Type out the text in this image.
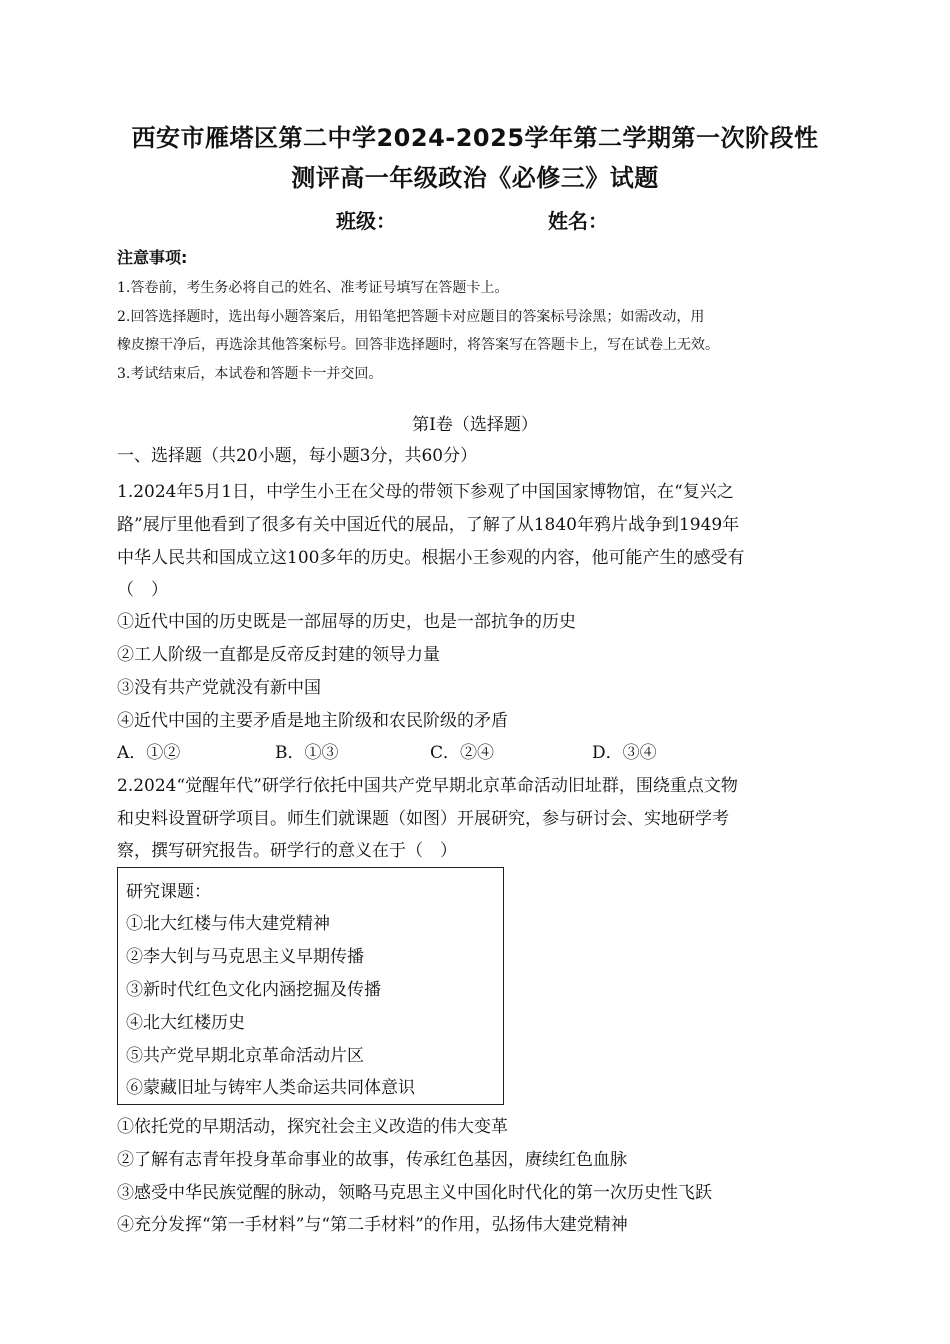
西安市雁塔区第二中学2024-2025学年第二学期第一次阶段性
测评高一年级政治《必修三》试题
班级：	姓名：
注意事项:
1.答卷前，考生务必将自己的姓名、准考证号填写在答题卡上。
2.回答选择题时，选出每小题答案后，用铅笔把答题卡对应题目的答案标号涂黑；如需改动，用
橡皮擦干净后，再选涂其他答案标号。回答非选择题时，将答案写在答题卡上，写在试卷上无效。
3.考试结束后，本试卷和答题卡一并交回。
第Ⅰ卷（选择题）
一、选择题（共20小题，每小题3分，共60分）
1.2024年5月1日，中学生小王在父母的带领下参观了中国国家博物馆，在“复兴之
路”展厅里他看到了很多有关中国近代的展品，了解了从1840年鸦片战争到1949年
中华人民共和国成立这100多年的历史。根据小王参观的内容，他可能产生的感受有
（　）
①近代中国的历史既是一部屈辱的历史，也是一部抗争的历史
②工人阶级一直都是反帝反封建的领导力量
③没有共产党就没有新中国
④近代中国的主要矛盾是地主阶级和农民阶级的矛盾
A．①②	B．①③	C．②④	D．③④
2.2024“觉醒年代”研学行依托中国共产党早期北京革命活动旧址群，围绕重点文物
和史料设置研学项目。师生们就课题（如图）开展研究，参与研讨会、实地研学考
察，撰写研究报告。研学行的意义在于（　）
研究课题：
①北大红楼与伟大建党精神
②李大钊与马克思主义早期传播
③新时代红色文化内涵挖掘及传播
④北大红楼历史
⑤共产党早期北京革命活动片区
⑥蒙藏旧址与铸牢人类命运共同体意识
①依托党的早期活动，探究社会主义改造的伟大变革
②了解有志青年投身革命事业的故事，传承红色基因，赓续红色血脉
③感受中华民族觉醒的脉动，领略马克思主义中国化时代化的第一次历史性飞跃
④充分发挥“第一手材料”与“第二手材料”的作用，弘扬伟大建党精神
